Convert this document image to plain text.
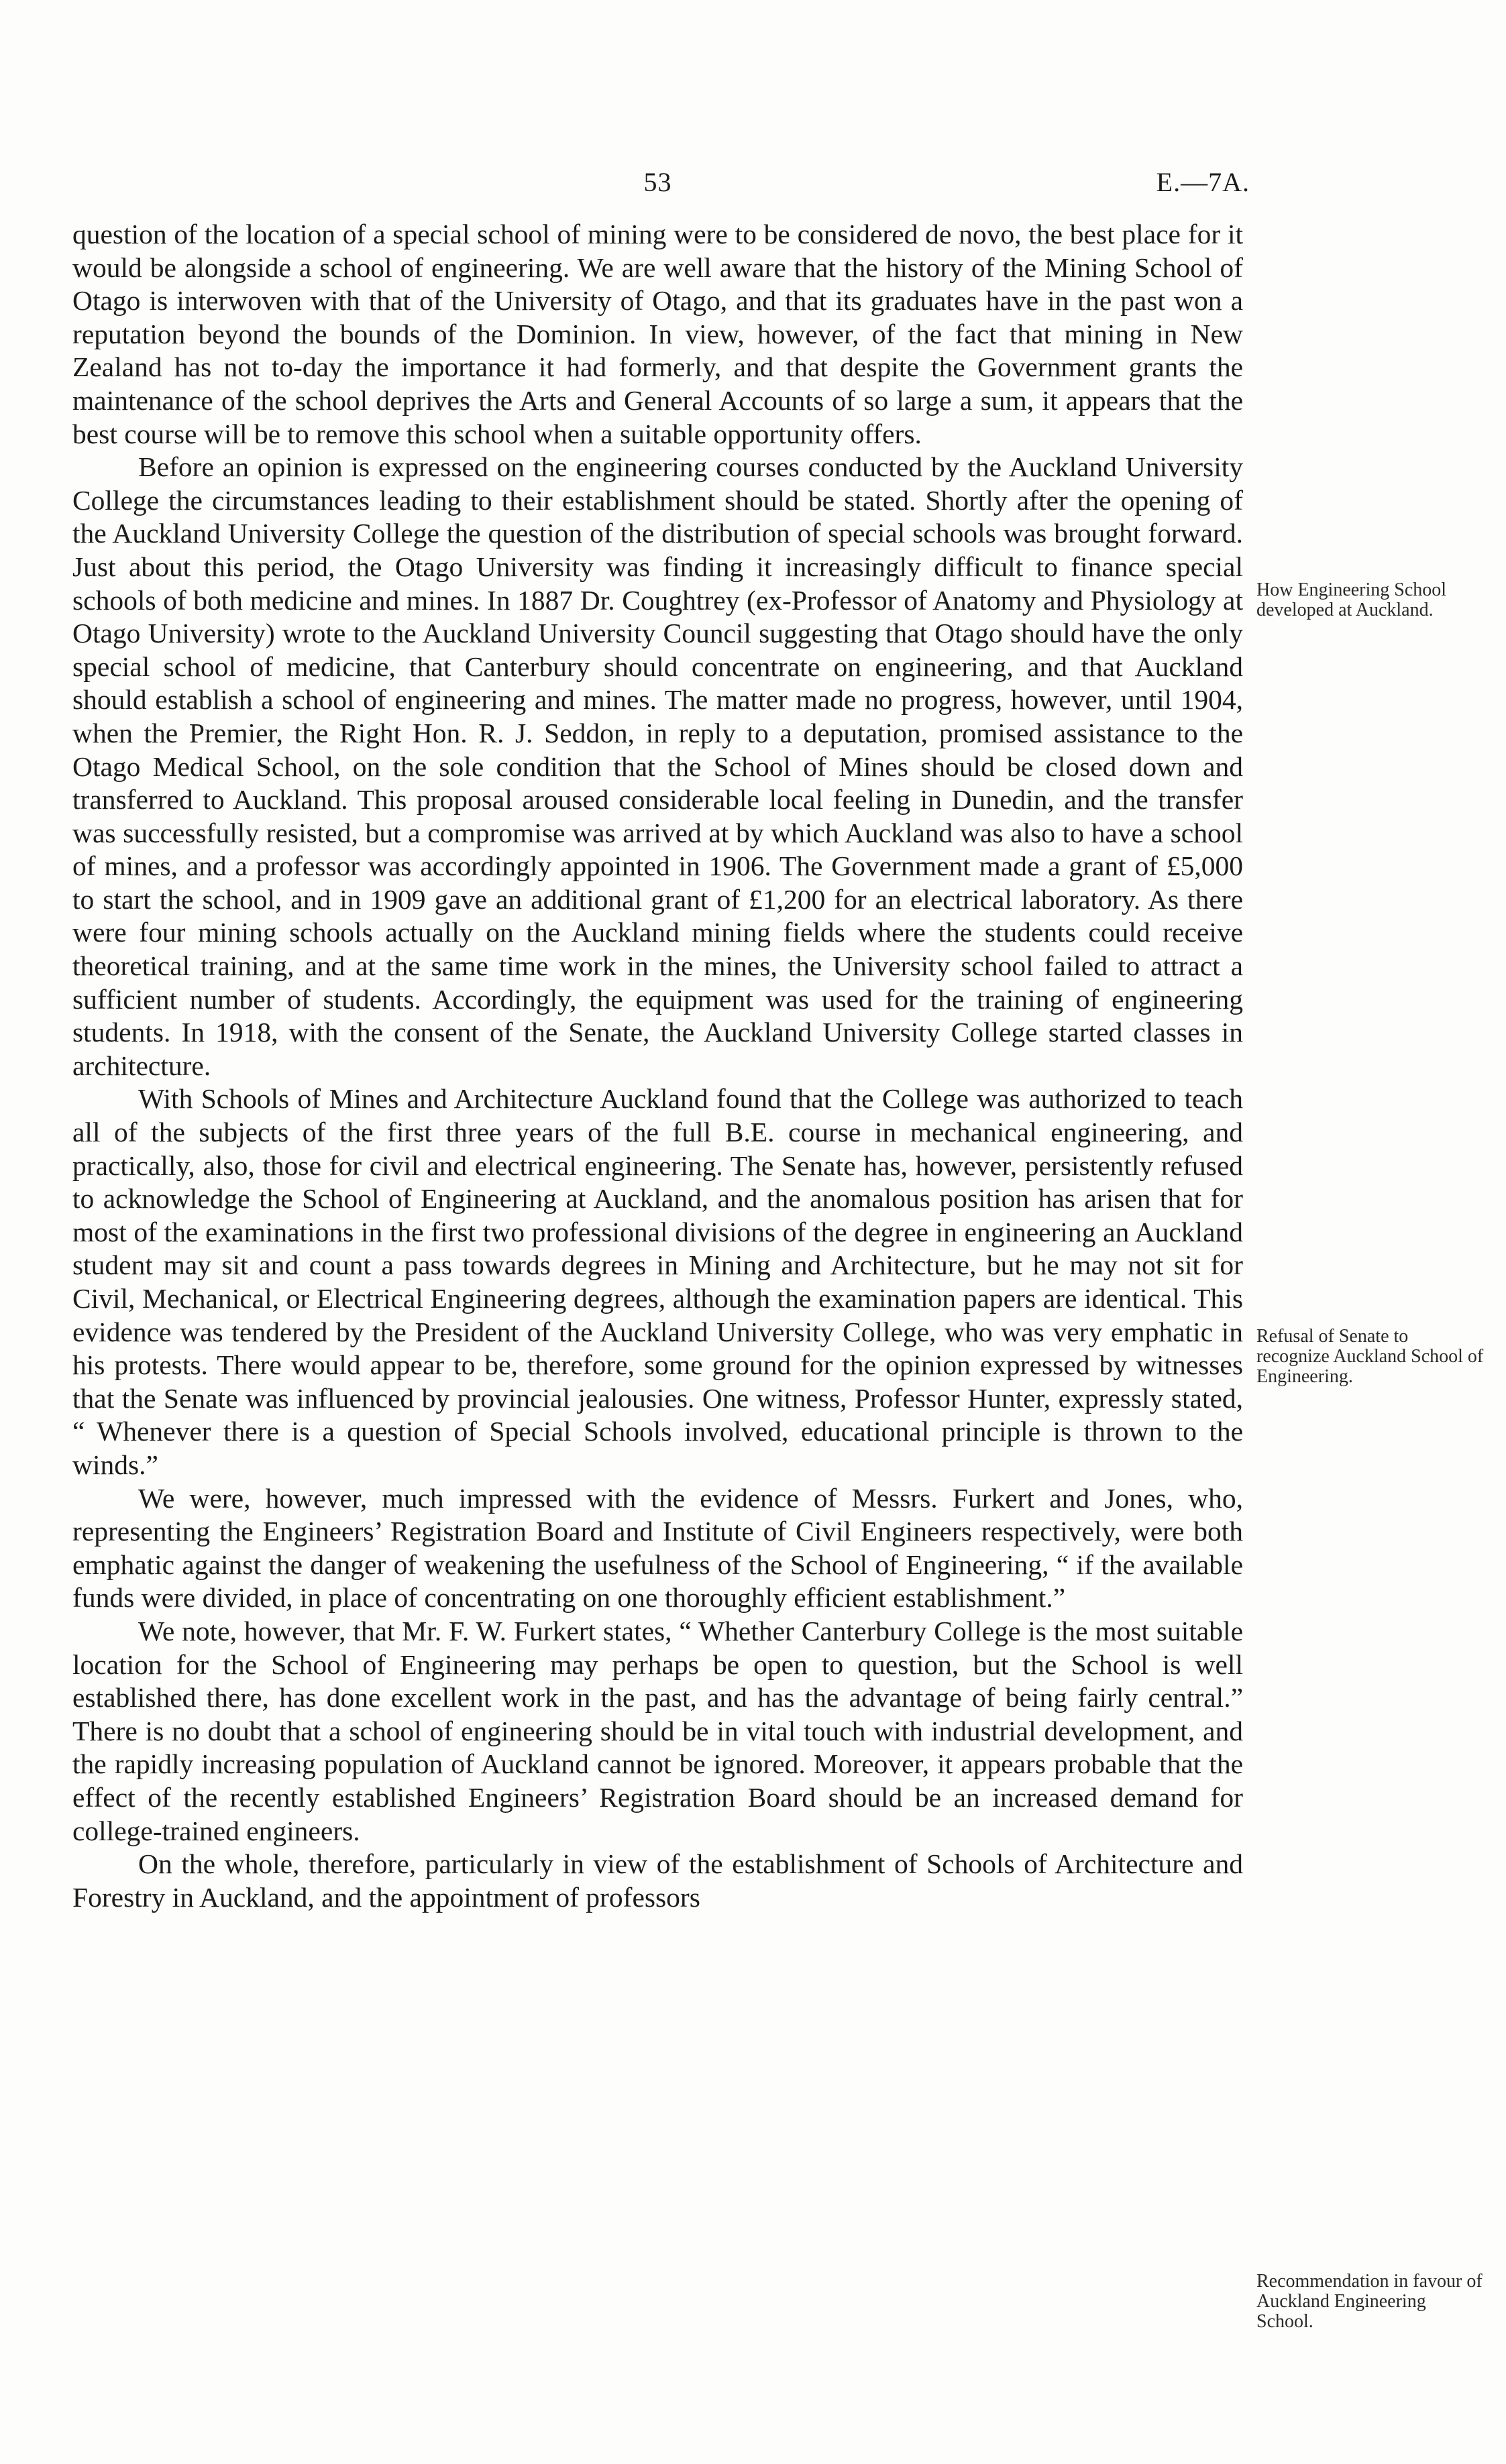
53	E.—7A.

question of the location of a special school of mining were to be considered de novo, the best place for it would be alongside a school of engineering. We are well aware that the history of the Mining School of Otago is interwoven with that of the University of Otago, and that its graduates have in the past won a reputation beyond the bounds of the Dominion. In view, however, of the fact that mining in New Zealand has not to-day the importance it had formerly, and that despite the Government grants the maintenance of the school deprives the Arts and General Accounts of so large a sum, it appears that the best course will be to remove this school when a suitable opportunity offers.

Before an opinion is expressed on the engineering courses conducted by the Auckland University College the circumstances leading to their establishment should be stated. Shortly after the opening of the Auckland University College the question of the distribution of special schools was brought forward. Just about this period, the Otago University was finding it increasingly difficult to finance special schools of both medicine and mines. In 1887 Dr. Coughtrey (ex-Professor of Anatomy and Physiology at Otago University) wrote to the Auckland University Council suggesting that Otago should have the only special school of medicine, that Canterbury should concentrate on engineering, and that Auckland should establish a school of engineering and mines. The matter made no progress, however, until 1904, when the Premier, the Right Hon. R. J. Seddon, in reply to a deputation, promised assistance to the Otago Medical School, on the sole condition that the School of Mines should be closed down and transferred to Auckland. This proposal aroused considerable local feeling in Dunedin, and the transfer was successfully resisted, but a compromise was arrived at by which Auckland was also to have a school of mines, and a professor was accordingly appointed in 1906. The Government made a grant of £5,000 to start the school, and in 1909 gave an additional grant of £1,200 for an electrical laboratory. As there were four mining schools actually on the Auckland mining fields where the students could receive theoretical training, and at the same time work in the mines, the University school failed to attract a sufficient number of students. Accordingly, the equipment was used for the training of engineering students. In 1918, with the consent of the Senate, the Auckland University College started classes in architecture.

With Schools of Mines and Architecture Auckland found that the College was authorized to teach all of the subjects of the first three years of the full B.E. course in mechanical engineering, and practically, also, those for civil and electrical engineering. The Senate has, however, persistently refused to acknowledge the School of Engineering at Auckland, and the anomalous position has arisen that for most of the examinations in the first two professional divisions of the degree in engineering an Auckland student may sit and count a pass towards degrees in Mining and Architecture, but he may not sit for Civil, Mechanical, or Electrical Engineering degrees, although the examination papers are identical. This evidence was tendered by the President of the Auckland University College, who was very emphatic in his protests. There would appear to be, therefore, some ground for the opinion expressed by witnesses that the Senate was influenced by provincial jealousies. One witness, Professor Hunter, expressly stated, “ Whenever there is a question of Special Schools involved, educational principle is thrown to the winds.”

We were, however, much impressed with the evidence of Messrs. Furkert and Jones, who, representing the Engineers’ Registration Board and Institute of Civil Engineers respectively, were both emphatic against the danger of weakening the usefulness of the School of Engineering, “ if the available funds were divided, in place of concentrating on one thoroughly efficient establishment.”

We note, however, that Mr. F. W. Furkert states, “ Whether Canterbury College is the most suitable location for the School of Engineering may perhaps be open to question, but the School is well established there, has done excellent work in the past, and has the advantage of being fairly central.” There is no doubt that a school of engineering should be in vital touch with industrial development, and the rapidly increasing population of Auckland cannot be ignored. Moreover, it appears probable that the effect of the recently established Engineers’ Registration Board should be an increased demand for college-trained engineers.

On the whole, therefore, particularly in view of the establishment of Schools of Architecture and Forestry in Auckland, and the appointment of professors

How Engineering School developed at Auckland.
Refusal of Senate to recognize Auckland School of Engineering.
Recommendation in favour of Auckland Engineering School.
